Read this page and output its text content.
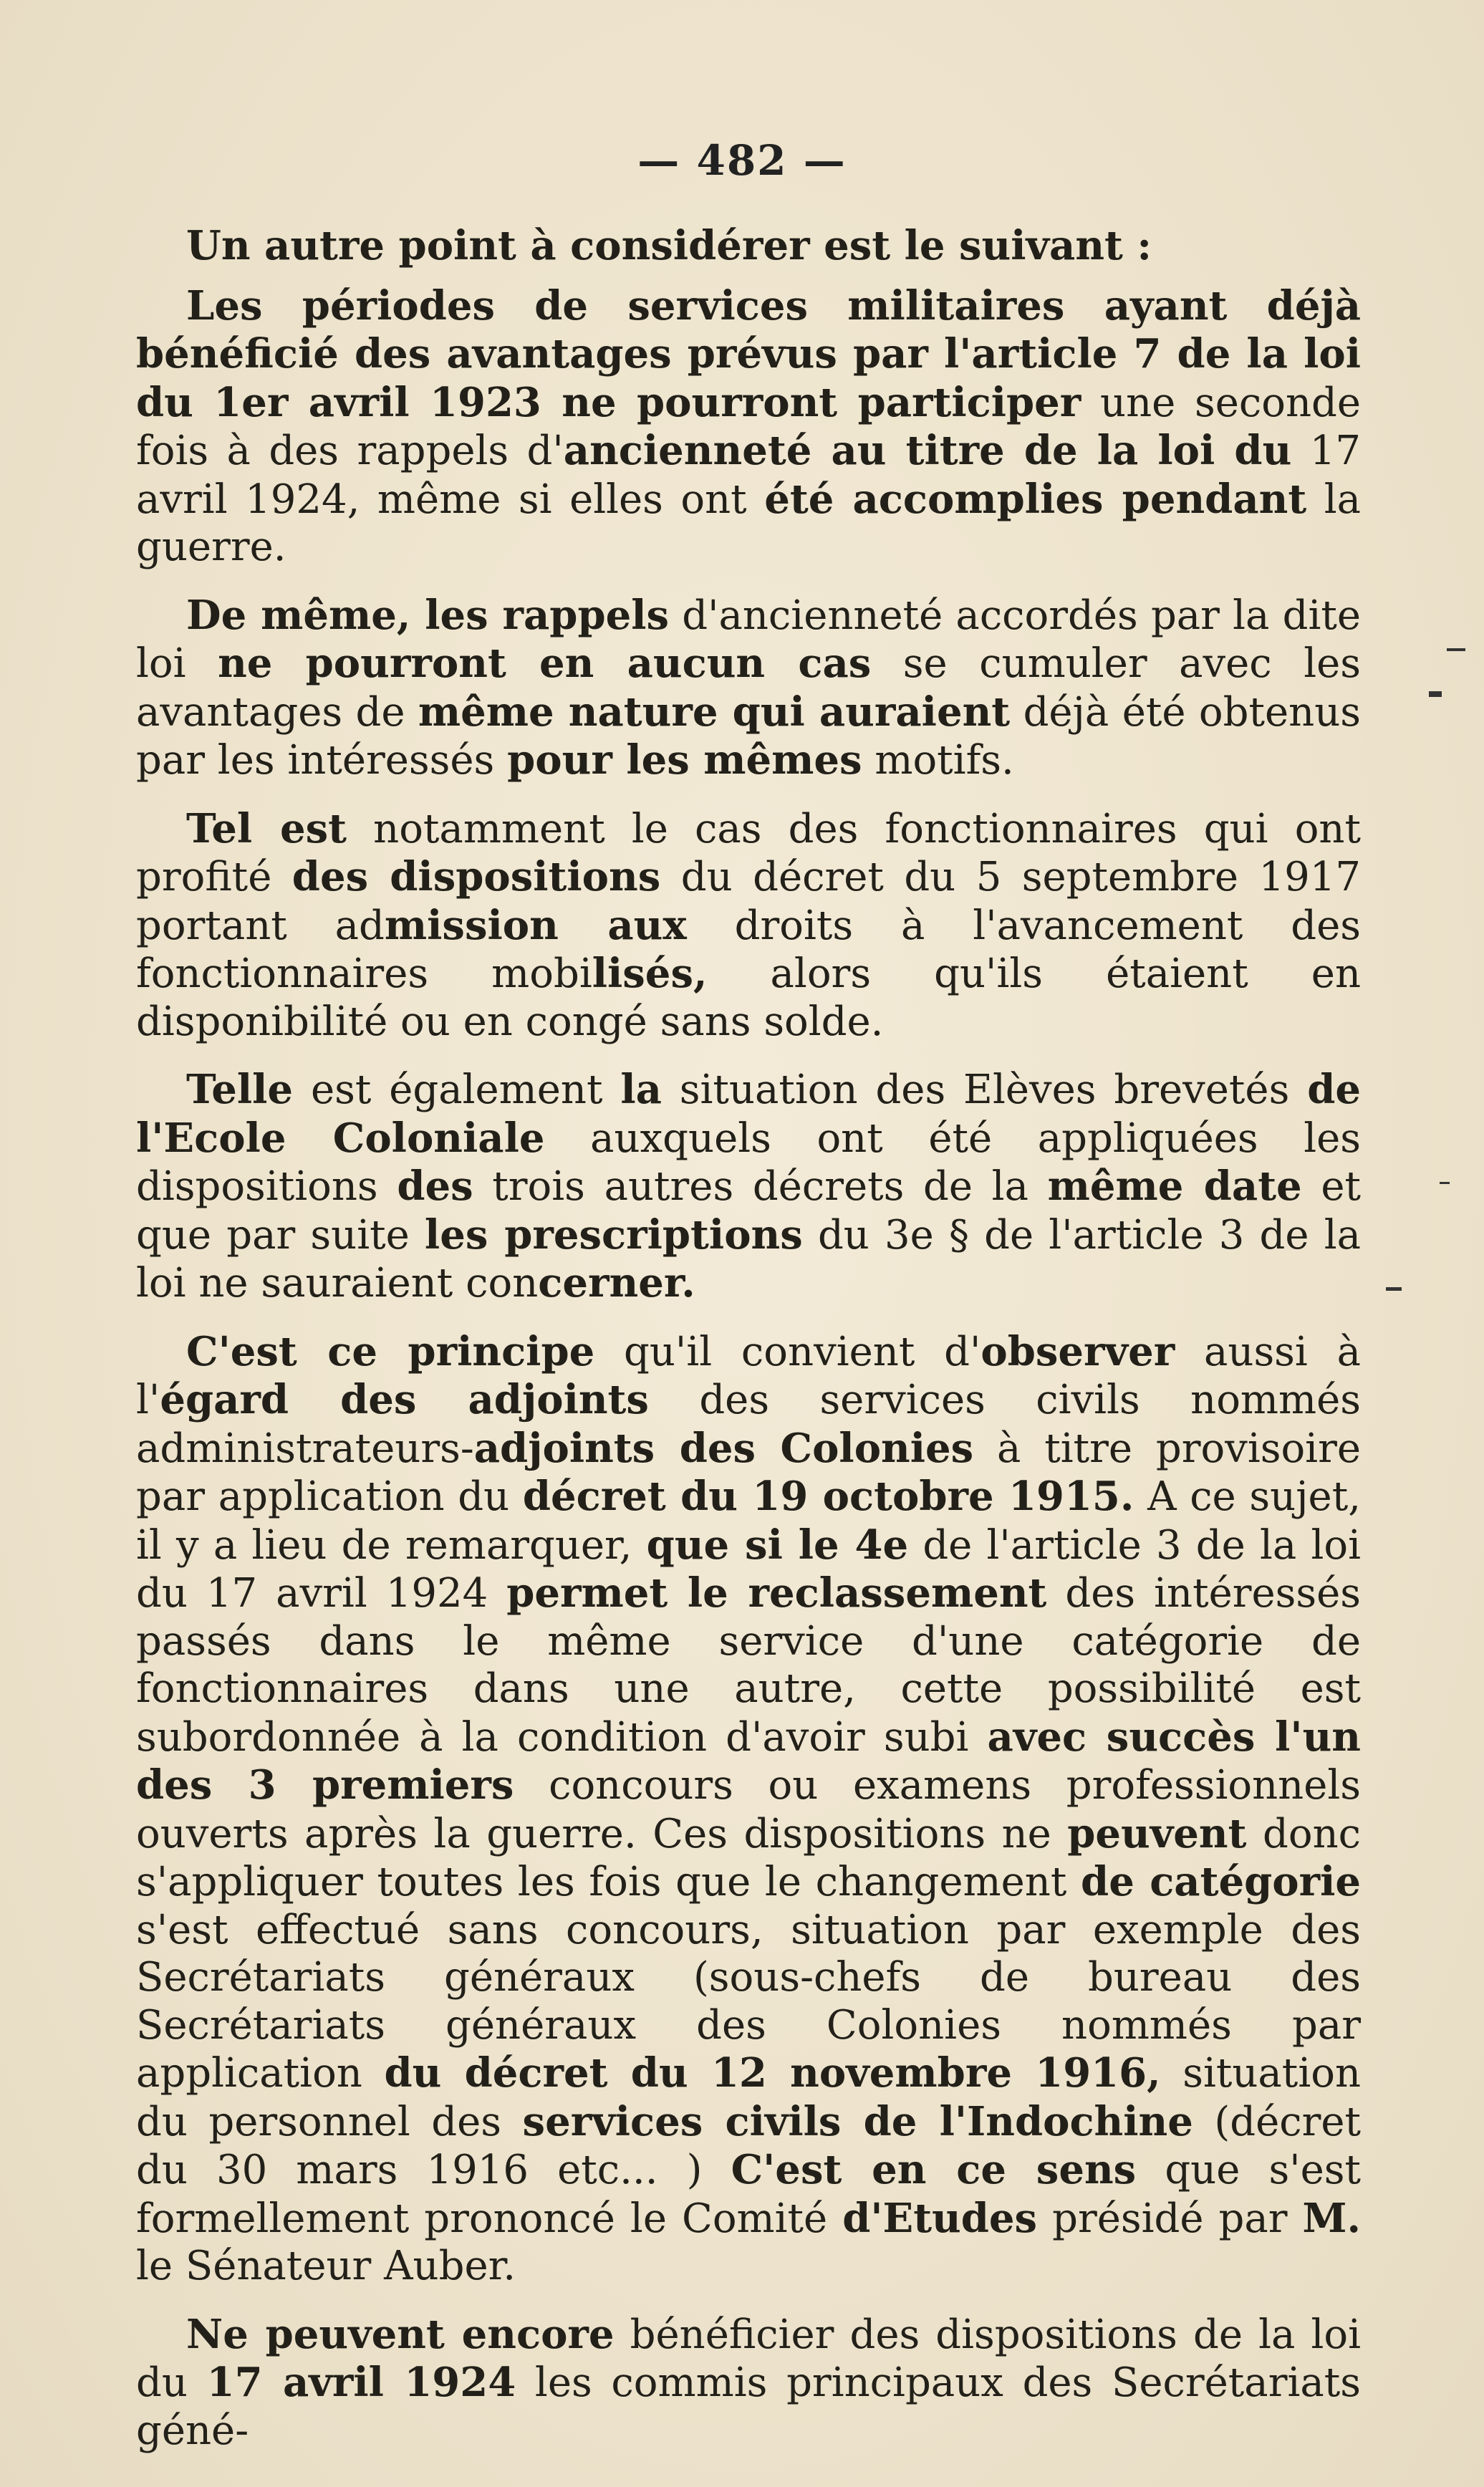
— 482 —

Un autre point à considérer est le suivant :

Les périodes de services militaires ayant déjà bénéficié des avantages prévus par l'article 7 de la loi du 1er avril 1923 ne pourront participer une seconde fois à des rappels d'ancienneté au titre de la loi du 17 avril 1924, même si elles ont été accomplies pendant la guerre.

De même, les rappels d'ancienneté accordés par la dite loi ne pourront en aucun cas se cumuler avec les avantages de même nature qui auraient déjà été obtenus par les intéressés pour les mêmes motifs.

Tel est notamment le cas des fonctionnaires qui ont profité des dispositions du décret du 5 septembre 1917 portant admission aux droits à l'avancement des fonctionnaires mobilisés, alors qu'ils étaient en disponibilité ou en congé sans solde.

Telle est également la situation des Elèves brevetés de l'Ecole Coloniale auxquels ont été appliquées les dispositions des trois autres décrets de la même date et que par suite les prescriptions du 3e § de l'article 3 de la loi ne sauraient concerner.

C'est ce principe qu'il convient d'observer aussi à l'égard des adjoints des services civils nommés administrateurs-adjoints des Colonies à titre provisoire par application du décret du 19 octobre 1915. A ce sujet, il y a lieu de remarquer, que si le 4e de l'article 3 de la loi du 17 avril 1924 permet le reclassement des intéressés passés dans le même service d'une catégorie de fonctionnaires dans une autre, cette possibilité est subordonnée à la condition d'avoir subi avec succès l'un des 3 premiers concours ou examens professionnels ouverts après la guerre. Ces dispositions ne peuvent donc s'appliquer toutes les fois que le changement de catégorie s'est effectué sans concours, situation par exemple des Secrétariats généraux (sous-chefs de bureau des Secrétariats généraux des Colonies nommés par application du décret du 12 novembre 1916, situation du personnel des services civils de l'Indochine (décret du 30 mars 1916 etc... ) C'est en ce sens que s'est formellement prononcé le Comité d'Etudes présidé par M. le Sénateur Auber.

Ne peuvent encore bénéficier des dispositions de la loi du 17 avril 1924 les commis principaux des Secrétariats géné-
